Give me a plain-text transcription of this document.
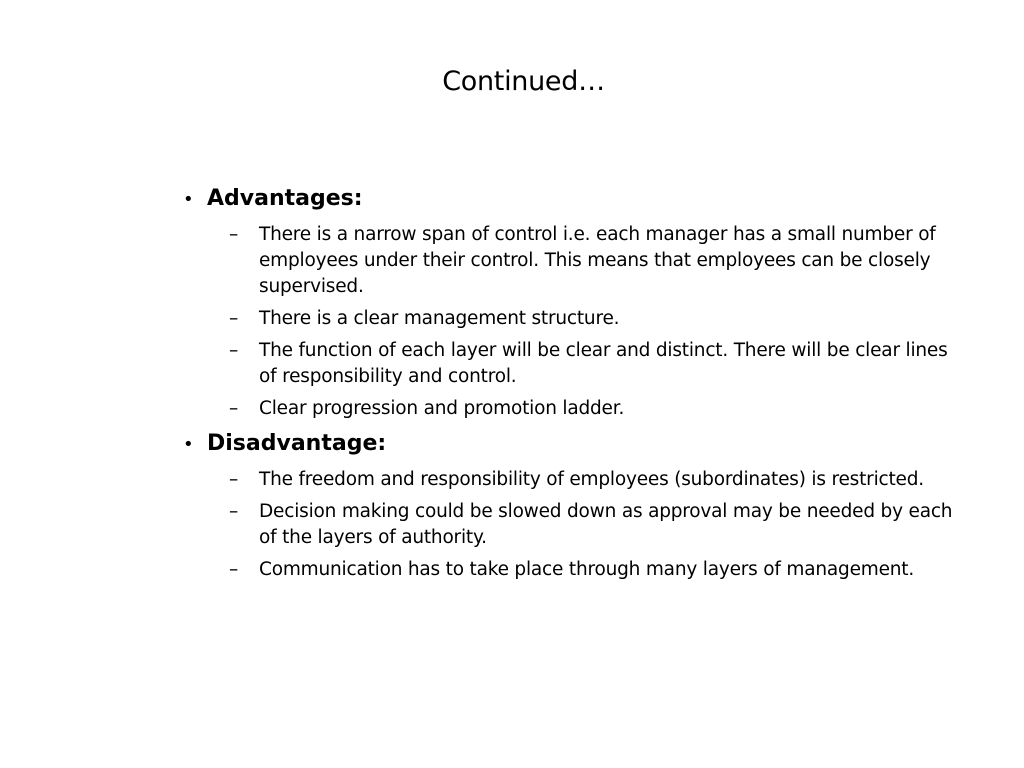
Continued…
• Advantages:
–	There is a narrow span of control i.e. each manager has a small number of employees under their control. This means that employees can be closely supervised.
–	There is a clear management structure.
–	The function of each layer will be clear and distinct. There will be clear lines of responsibility and control.
–	Clear progression and promotion ladder.
• Disadvantage:
–	The freedom and responsibility of employees (subordinates) is restricted.
–	Decision making could be slowed down as approval may be needed by each of the layers of authority.
–	Communication has to take place through many layers of management.
